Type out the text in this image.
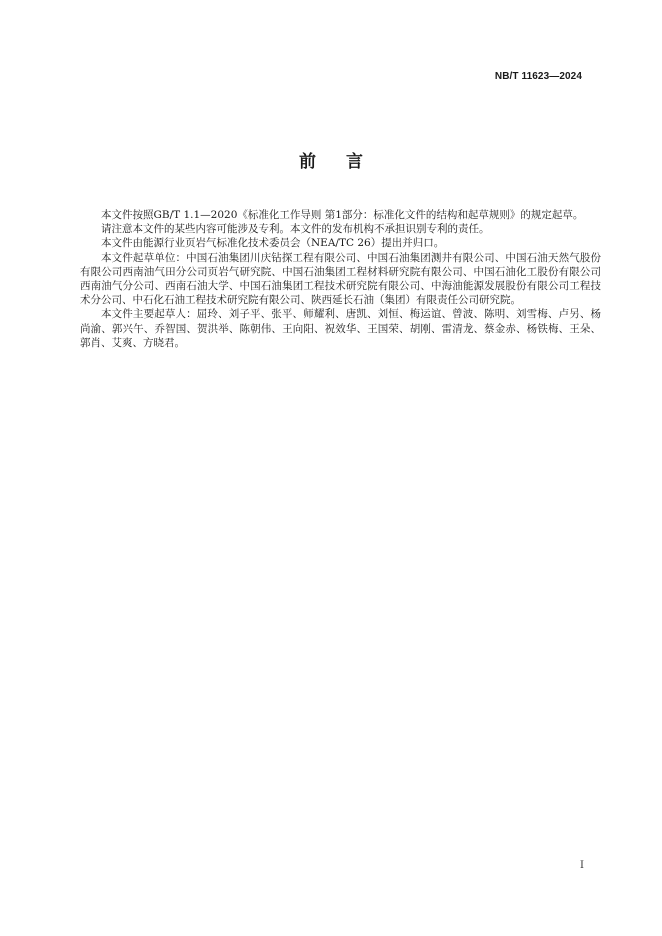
NB/T 11623—2024
前 言

本文件按照GB/T 1.1—2020《标准化工作导则 第1部分：标准化文件的结构和起草规则》的规定起草。

请注意本文件的某些内容可能涉及专利。本文件的发布机构不承担识别专利的责任。

本文件由能源行业页岩气标准化技术委员会（NEA/TC 26）提出并归口。

本文件起草单位：中国石油集团川庆钻探工程有限公司、中国石油集团测井有限公司、中国石油天然气股份有限公司西南油气田分公司页岩气研究院、中国石油集团工程材料研究院有限公司、中国石油化工股份有限公司西南油气分公司、西南石油大学、中国石油集团工程技术研究院有限公司、中海油能源发展股份有限公司工程技术分公司、中石化石油工程技术研究院有限公司、陕西延长石油（集团）有限责任公司研究院。

本文件主要起草人：屈玲、刘子平、张平、师耀利、唐凯、刘恒、梅运谊、曾波、陈明、刘雪梅、卢另、杨尚渝、郭兴午、乔智国、贺洪举、陈朝伟、王向阳、祝效华、王国荣、胡刚、雷清龙、蔡金赤、杨铁梅、王朵、郭肖、艾爽、方晓君。

I
